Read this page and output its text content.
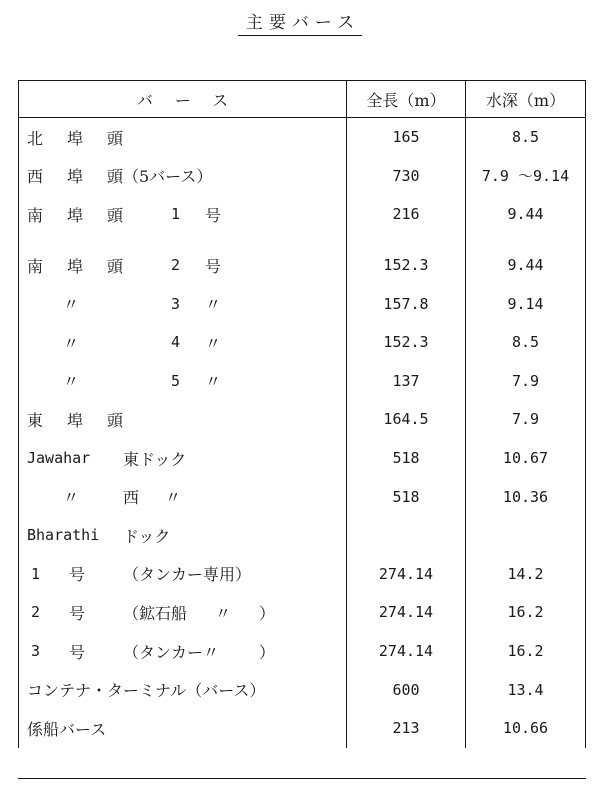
主要バース
バース	全長（m）	水深（m）
北 埠 頭	165	8.5
西 埠 頭（5バース）	730	7.9 ～9.14
南 埠 頭	1 号	216	9.44
南 埠 頭	2 号	152.3	9.44
〃	3 〃	157.8	9.14
〃	4 〃	152.3	8.5
〃	5 〃	137	7.9
東 埠 頭	164.5	7.9
Jawahar 東ドック	518	10.67
〃	西 〃	518	10.36
Bharathi ドック
1 号 （タンカー専用）	274.14	14.2
2 号 （鉱石船 〃 ）	274.14	16.2
3 号 （タンカー〃 ）	274.14	16.2
コンテナ・ターミナル（バース）	600	13.4
係船バース	213	10.66
